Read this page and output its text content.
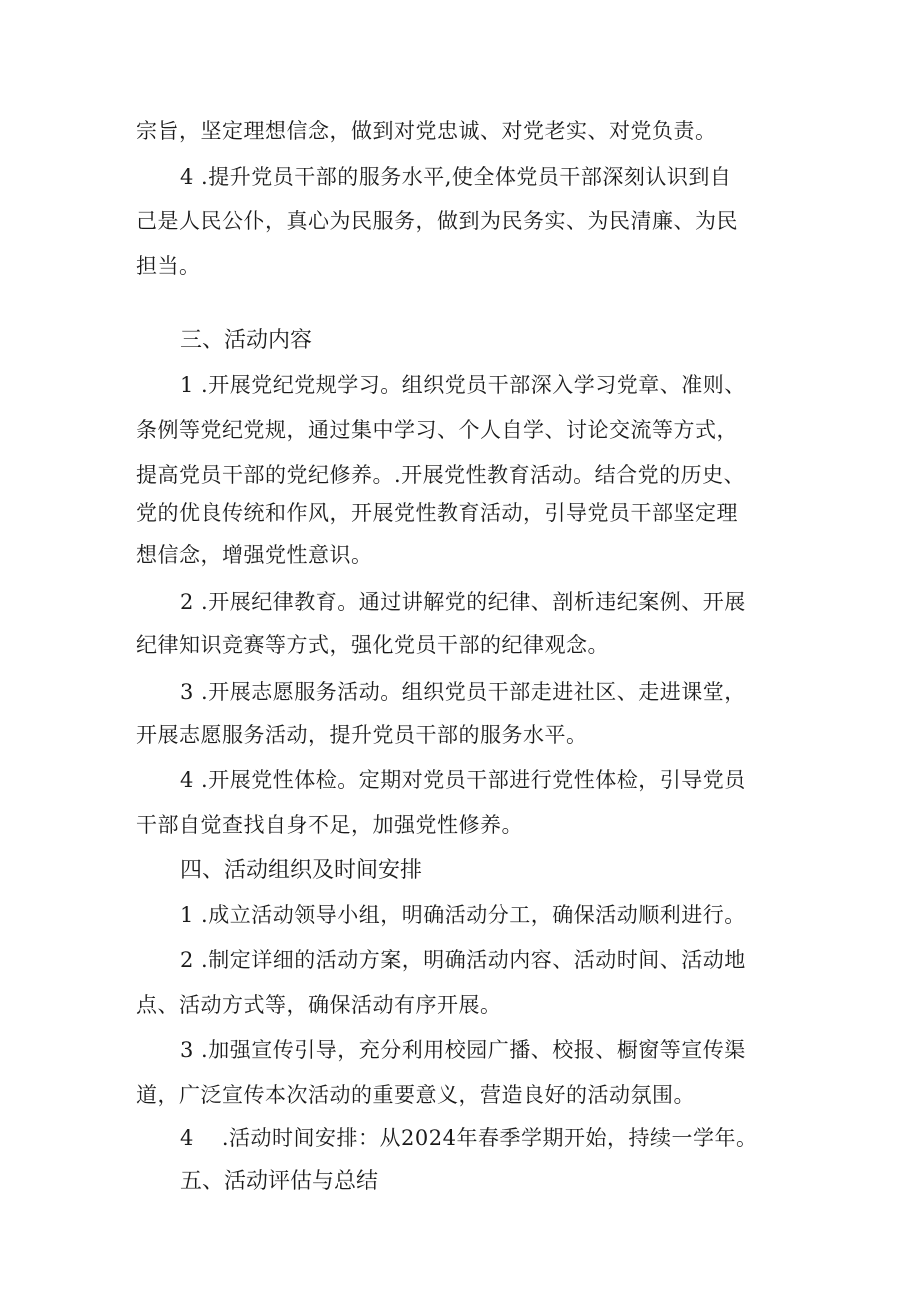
宗旨，坚定理想信念，做到对党忠诚、对党老实、对党负责。
4 .提升党员干部的服务水平,使全体党员干部深刻认识到自
己是人民公仆，真心为民服务，做到为民务实、为民清廉、为民
担当。
三、活动内容
1 .开展党纪党规学习。组织党员干部深入学习党章、准则、
条例等党纪党规，通过集中学习、个人自学、讨论交流等方式，
提高党员干部的党纪修养。.开展党性教育活动。结合党的历史、
党的优良传统和作风，开展党性教育活动，引导党员干部坚定理
想信念，增强党性意识。
2 .开展纪律教育。通过讲解党的纪律、剖析违纪案例、开展
纪律知识竞赛等方式，强化党员干部的纪律观念。
3 .开展志愿服务活动。组织党员干部走进社区、走进课堂，
开展志愿服务活动，提升党员干部的服务水平。
4 .开展党性体检。定期对党员干部进行党性体检，引导党员
干部自觉查找自身不足，加强党性修养。
四、活动组织及时间安排
1 .成立活动领导小组，明确活动分工，确保活动顺利进行。
2 .制定详细的活动方案，明确活动内容、活动时间、活动地
点、活动方式等，确保活动有序开展。
3 .加强宣传引导，充分利用校园广播、校报、橱窗等宣传渠
道，广泛宣传本次活动的重要意义，营造良好的活动氛围。
4 .活动时间安排：从2024年春季学期开始，持续一学年。
五、活动评估与总结
